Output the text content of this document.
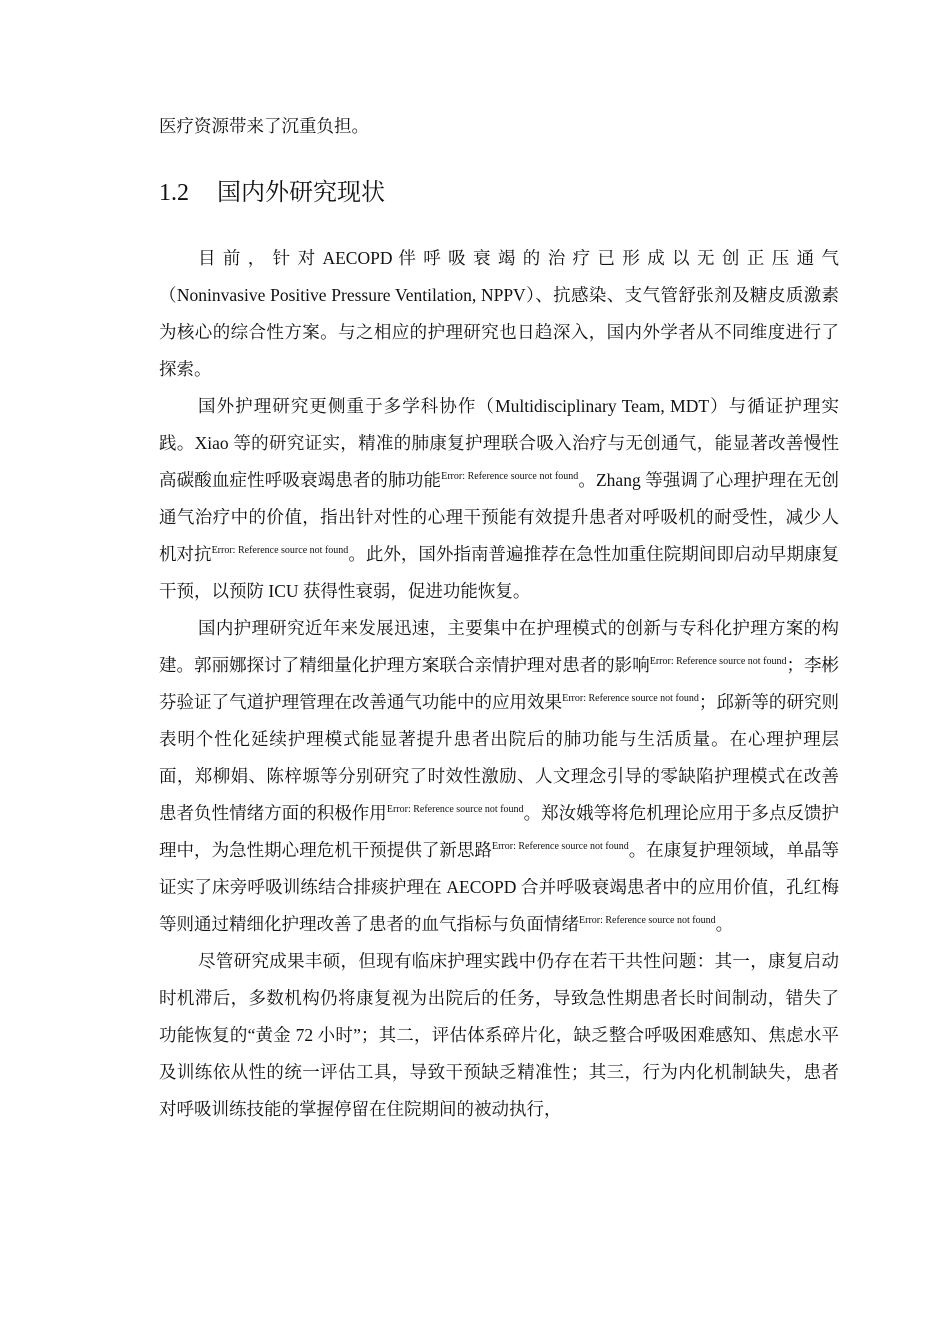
医疗资源带来了沉重负担。

1.2 国内外研究现状

目 前 ， 针 对 AECOPD 伴 呼 吸 衰 竭 的 治 疗 已 形 成 以 无 创 正 压 通 气（Noninvasive Positive Pressure Ventilation, NPPV）、抗感染、支气管舒张剂及糖皮质激素为核心的综合性方案。与之相应的护理研究也日趋深入，国内外学者从不同维度进行了探索。

国外护理研究更侧重于多学科协作（Multidisciplinary Team, MDT）与循证护理实践。Xiao 等的研究证实，精准的肺康复护理联合吸入治疗与无创通气，能显著改善慢性高碳酸血症性呼吸衰竭患者的肺功能$^{Error: Reference source not found}$。Zhang 等强调了心理护理在无创通气治疗中的价值，指出针对性的心理干预能有效提升患者对呼吸机的耐受性，减少人机对抗$^{Error: Reference source not found}$。此外，国外指南普遍推荐在急性加重住院期间即启动早期康复干预，以预防 ICU 获得性衰弱，促进功能恢复。

国内护理研究近年来发展迅速，主要集中在护理模式的创新与专科化护理方案的构建。郭丽娜探讨了精细量化护理方案联合亲情护理对患者的影响$^{Error: Reference source not found}$；李彬芬验证了气道护理管理在改善通气功能中的应用效果$^{Error: Reference source not found}$；邱新等的研究则表明个性化延续护理模式能显著提升患者出院后的肺功能与生活质量。在心理护理层面，郑柳娟、陈梓塬等分别研究了时效性激励、人文理念引导的零缺陷护理模式在改善患者负性情绪方面的积极作用$^{Error: Reference source not found}$。郑汝娥等将危机理论应用于多点反馈护理中，为急性期心理危机干预提供了新思路$^{Error: Reference source not found}$。在康复护理领域，单晶等证实了床旁呼吸训练结合排痰护理在 AECOPD 合并呼吸衰竭患者中的应用价值，孔红梅等则通过精细化护理改善了患者的血气指标与负面情绪$^{Error: Reference source not found}$。

尽管研究成果丰硕，但现有临床护理实践中仍存在若干共性问题：其一，康复启动时机滞后，多数机构仍将康复视为出院后的任务，导致急性期患者长时间制动，错失了功能恢复的“黄金 72 小时”；其二，评估体系碎片化，缺乏整合呼吸困难感知、焦虑水平及训练依从性的统一评估工具，导致干预缺乏精准性；其三，行为内化机制缺失，患者对呼吸训练技能的掌握停留在住院期间的被动执行，
